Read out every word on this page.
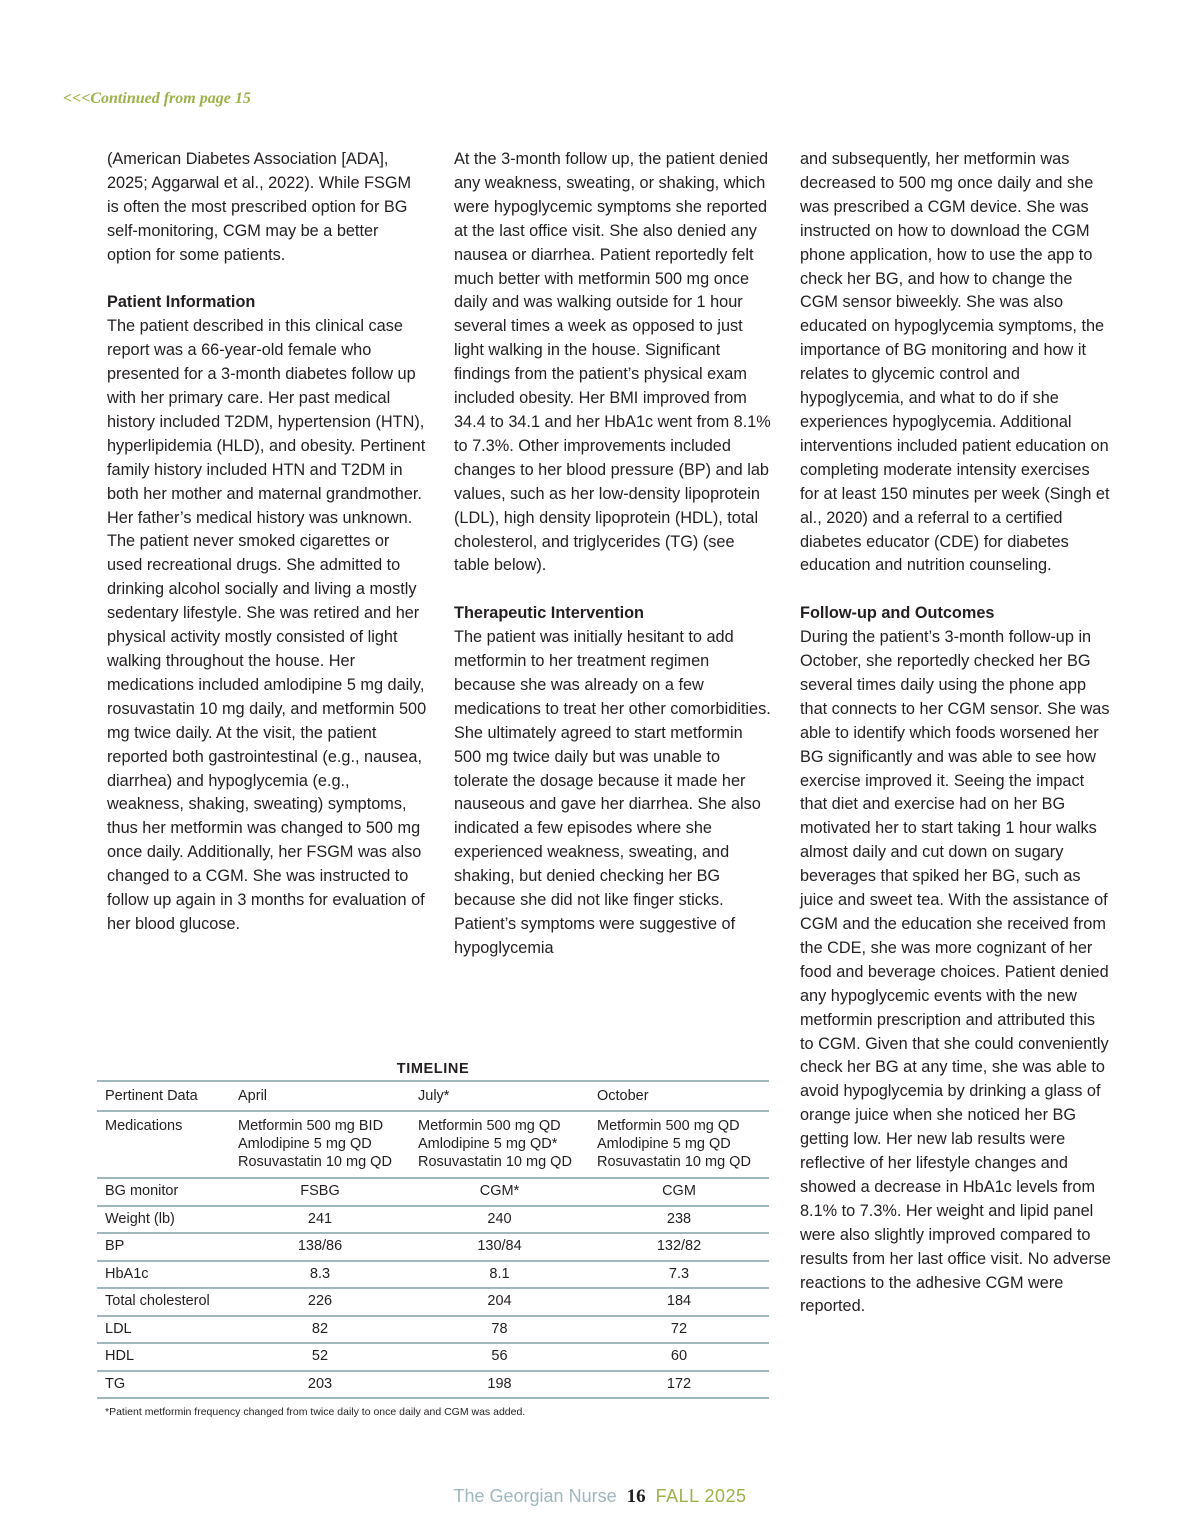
<<<Continued from page 15

(American Diabetes Association [ADA], 2025; Aggarwal et al., 2022). While FSGM is often the most prescribed option for BG self-monitoring, CGM may be a better option for some patients.

Patient Information

The patient described in this clinical case report was a 66-year-old female who presented for a 3-month diabetes follow up with her primary care. Her past medical history included T2DM, hypertension (HTN), hyperlipidemia (HLD), and obesity. Pertinent family history included HTN and T2DM in both her mother and maternal grandmother. Her father’s medical history was unknown. The patient never smoked cigarettes or used recreational drugs. She admitted to drinking alcohol socially and living a mostly sedentary lifestyle. She was retired and her physical activity mostly consisted of light walking throughout the house. Her medications included amlodipine 5 mg daily, rosuvastatin 10 mg daily, and metformin 500 mg twice daily. At the visit, the patient reported both gastrointestinal (e.g., nausea, diarrhea) and hypoglycemia (e.g., weakness, shaking, sweating) symptoms, thus her metformin was changed to 500 mg once daily. Additionally, her FSGM was also changed to a CGM. She was instructed to follow up again in 3 months for evaluation of her blood glucose.

At the 3-month follow up, the patient denied any weakness, sweating, or shaking, which were hypoglycemic symptoms she reported at the last office visit. She also denied any nausea or diarrhea. Patient reportedly felt much better with metformin 500 mg once daily and was walking outside for 1 hour several times a week as opposed to just light walking in the house. Significant findings from the patient’s physical exam included obesity. Her BMI improved from 34.4 to 34.1 and her HbA1c went from 8.1% to 7.3%. Other improvements included changes to her blood pressure (BP) and lab values, such as her low-density lipoprotein (LDL), high density lipoprotein (HDL), total cholesterol, and triglycerides (TG) (see table below).

Therapeutic Intervention

The patient was initially hesitant to add metformin to her treatment regimen because she was already on a few medications to treat her other comorbidities. She ultimately agreed to start metformin 500 mg twice daily but was unable to tolerate the dosage because it made her nauseous and gave her diarrhea. She also indicated a few episodes where she experienced weakness, sweating, and shaking, but denied checking her BG because she did not like finger sticks. Patient’s symptoms were suggestive of hypoglycemia

and subsequently, her metformin was decreased to 500 mg once daily and she was prescribed a CGM device. She was instructed on how to download the CGM phone application, how to use the app to check her BG, and how to change the CGM sensor biweekly. She was also educated on hypoglycemia symptoms, the importance of BG monitoring and how it relates to glycemic control and hypoglycemia, and what to do if she experiences hypoglycemia. Additional interventions included patient education on completing moderate intensity exercises for at least 150 minutes per week (Singh et al., 2020) and a referral to a certified diabetes educator (CDE) for diabetes education and nutrition counseling.

Follow-up and Outcomes

During the patient’s 3-month follow-up in October, she reportedly checked her BG several times daily using the phone app that connects to her CGM sensor. She was able to identify which foods worsened her BG significantly and was able to see how exercise improved it. Seeing the impact that diet and exercise had on her BG motivated her to start taking 1 hour walks almost daily and cut down on sugary beverages that spiked her BG, such as juice and sweet tea. With the assistance of CGM and the education she received from the CDE, she was more cognizant of her food and beverage choices. Patient denied any hypoglycemic events with the new metformin prescription and attributed this to CGM. Given that she could conveniently check her BG at any time, she was able to avoid hypoglycemia by drinking a glass of orange juice when she noticed her BG getting low. Her new lab results were reflective of her lifestyle changes and showed a decrease in HbA1c levels from 8.1% to 7.3%. Her weight and lipid panel were also slightly improved compared to results from her last office visit. No adverse reactions to the adhesive CGM were reported.

TIMELINE
Pertinent Data	April	July*	October
Medications	Metformin 500 mg BID
Amlodipine 5 mg QD
Rosuvastatin 10 mg QD	Metformin 500 mg QD
Amlodipine 5 mg QD*
Rosuvastatin 10 mg QD	Metformin 500 mg QD
Amlodipine 5 mg QD
Rosuvastatin 10 mg QD

BG monitor	FSBG	CGM*	CGM
Weight (lb)	241	240	238
BP	138/86	130/84	132/82
HbA1c	8.3	8.1	7.3
Total cholesterol	226	204	184
LDL	82	78	72
HDL	52	56	60
TG	203	198	172
*Patient metformin frequency changed from twice daily to once daily and CGM was added.
The Georgian Nurse 16 FALL 2025
